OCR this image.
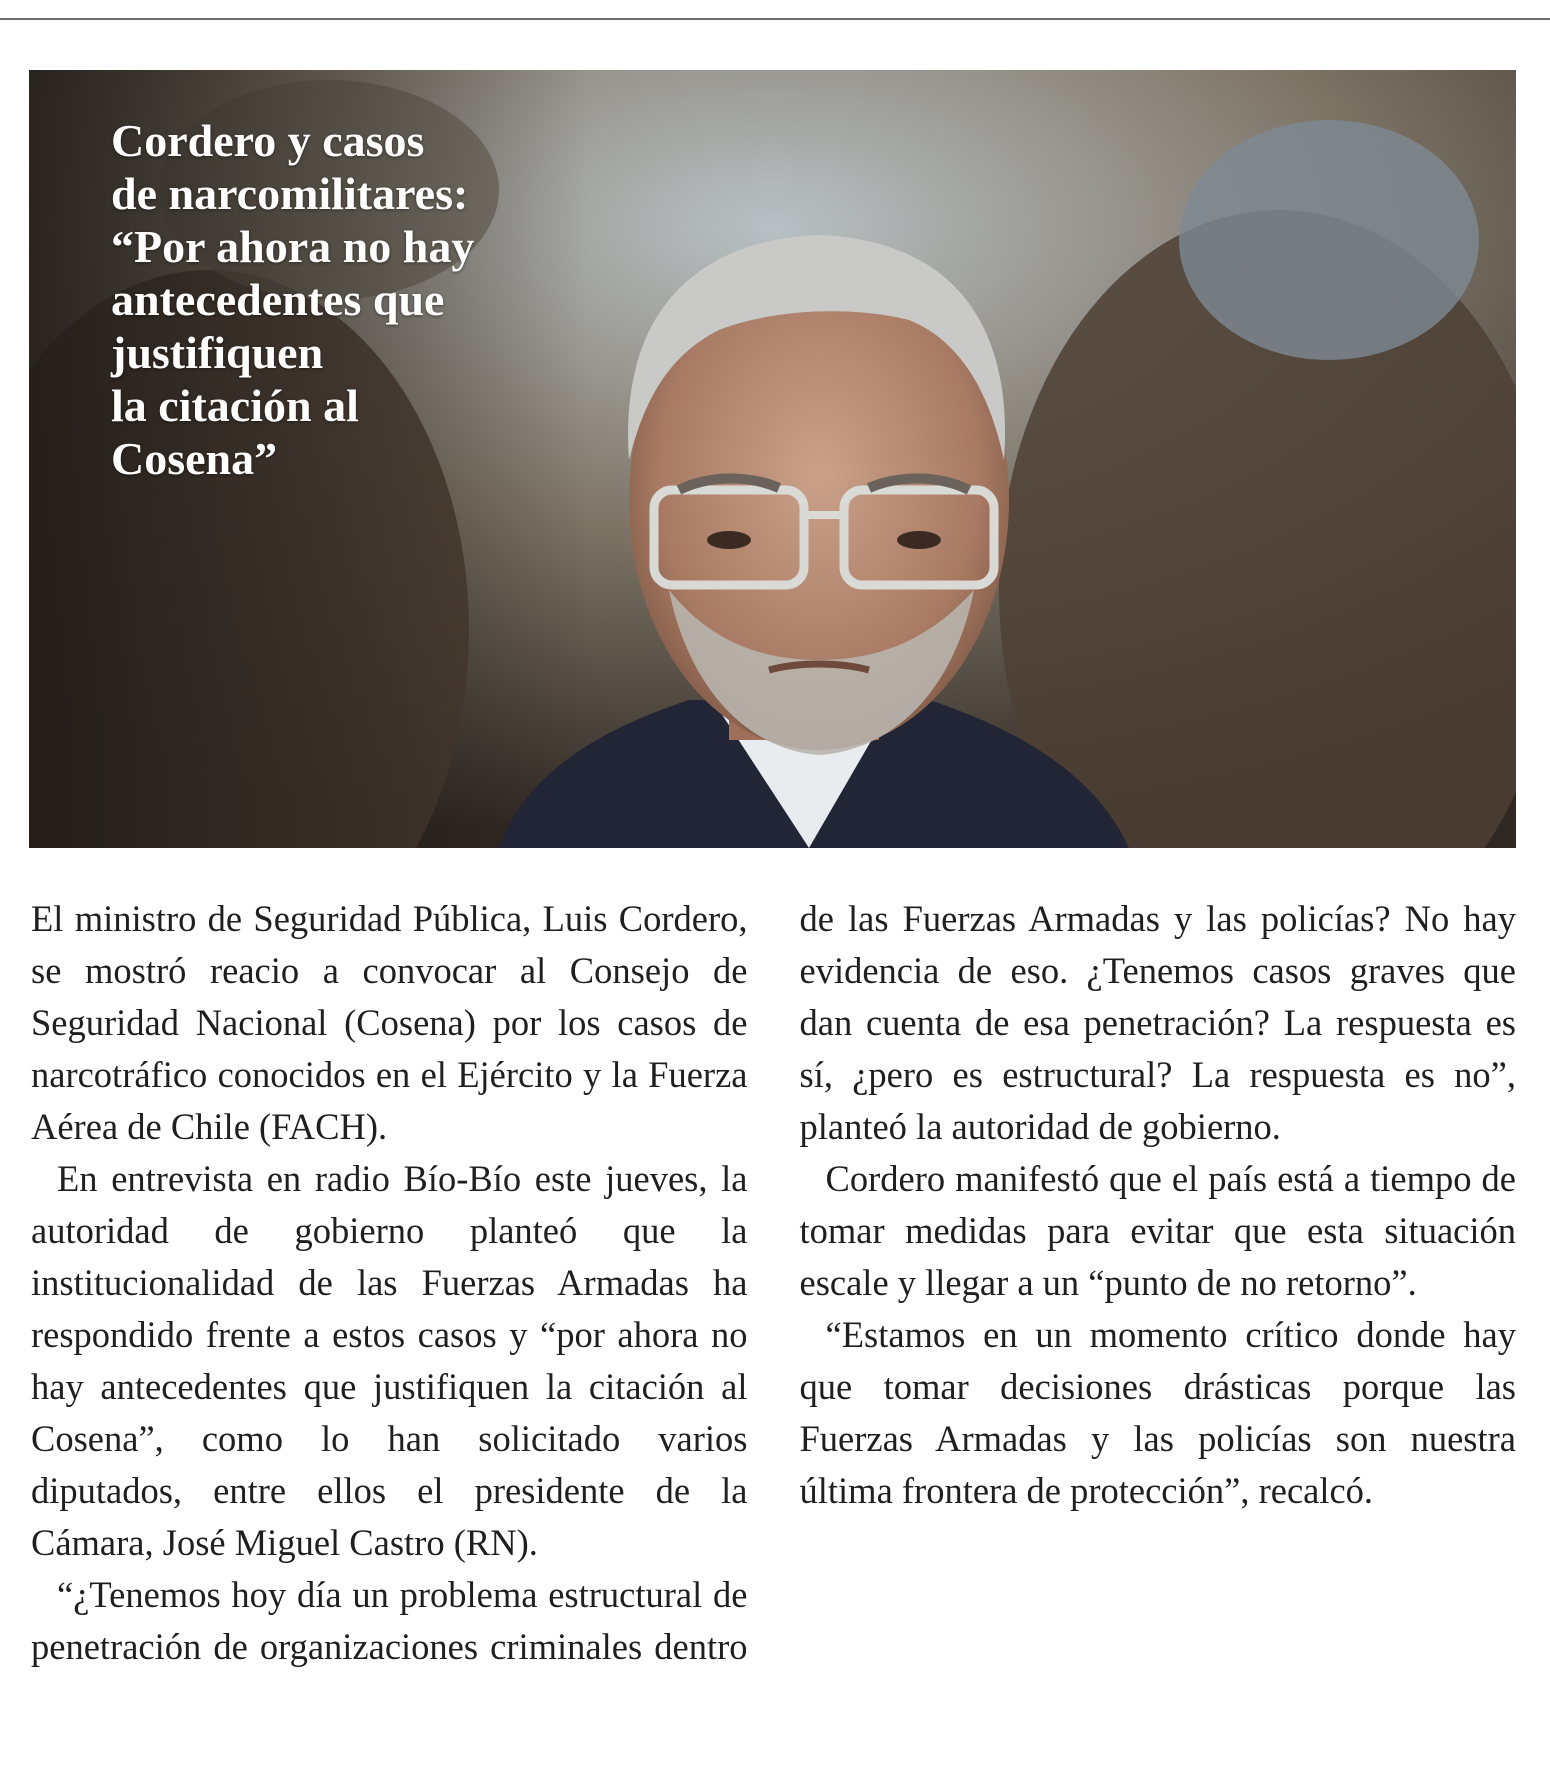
Cordero y casos
de narcomilitares:
“Por ahora no hay
antecedentes que
justifiquen
la citación al
Cosena”

El ministro de Seguridad Pública, Luis Cordero, se mostró reacio a convocar al Consejo de Seguridad Nacional (Cosena) por los casos de narcotráfico conocidos en el Ejército y la Fuerza Aérea de Chile (FACH).

En entrevista en radio Bío-Bío este jueves, la autoridad de gobierno planteó que la institucionalidad de las Fuerzas Armadas ha respondido frente a estos casos y “por ahora no hay antecedentes que justifiquen la citación al Cosena”, como lo han solicitado varios diputados, entre ellos el presidente de la Cámara, José Miguel Castro (RN).

“¿Tenemos hoy día un problema estructural de penetración de organizaciones criminales dentro de las Fuerzas Armadas y las policías? No hay evidencia de eso. ¿Tenemos casos graves que dan cuenta de esa penetración? La respuesta es sí, ¿pero es estructural? La respuesta es no”, planteó la autoridad de gobierno.

Cordero manifestó que el país está a tiempo de tomar medidas para evitar que esta situación escale y llegar a un “punto de no retorno”.

“Estamos en un momento crítico donde hay que tomar decisiones drásticas porque las Fuerzas Armadas y las policías son nuestra última frontera de protección”, recalcó.
